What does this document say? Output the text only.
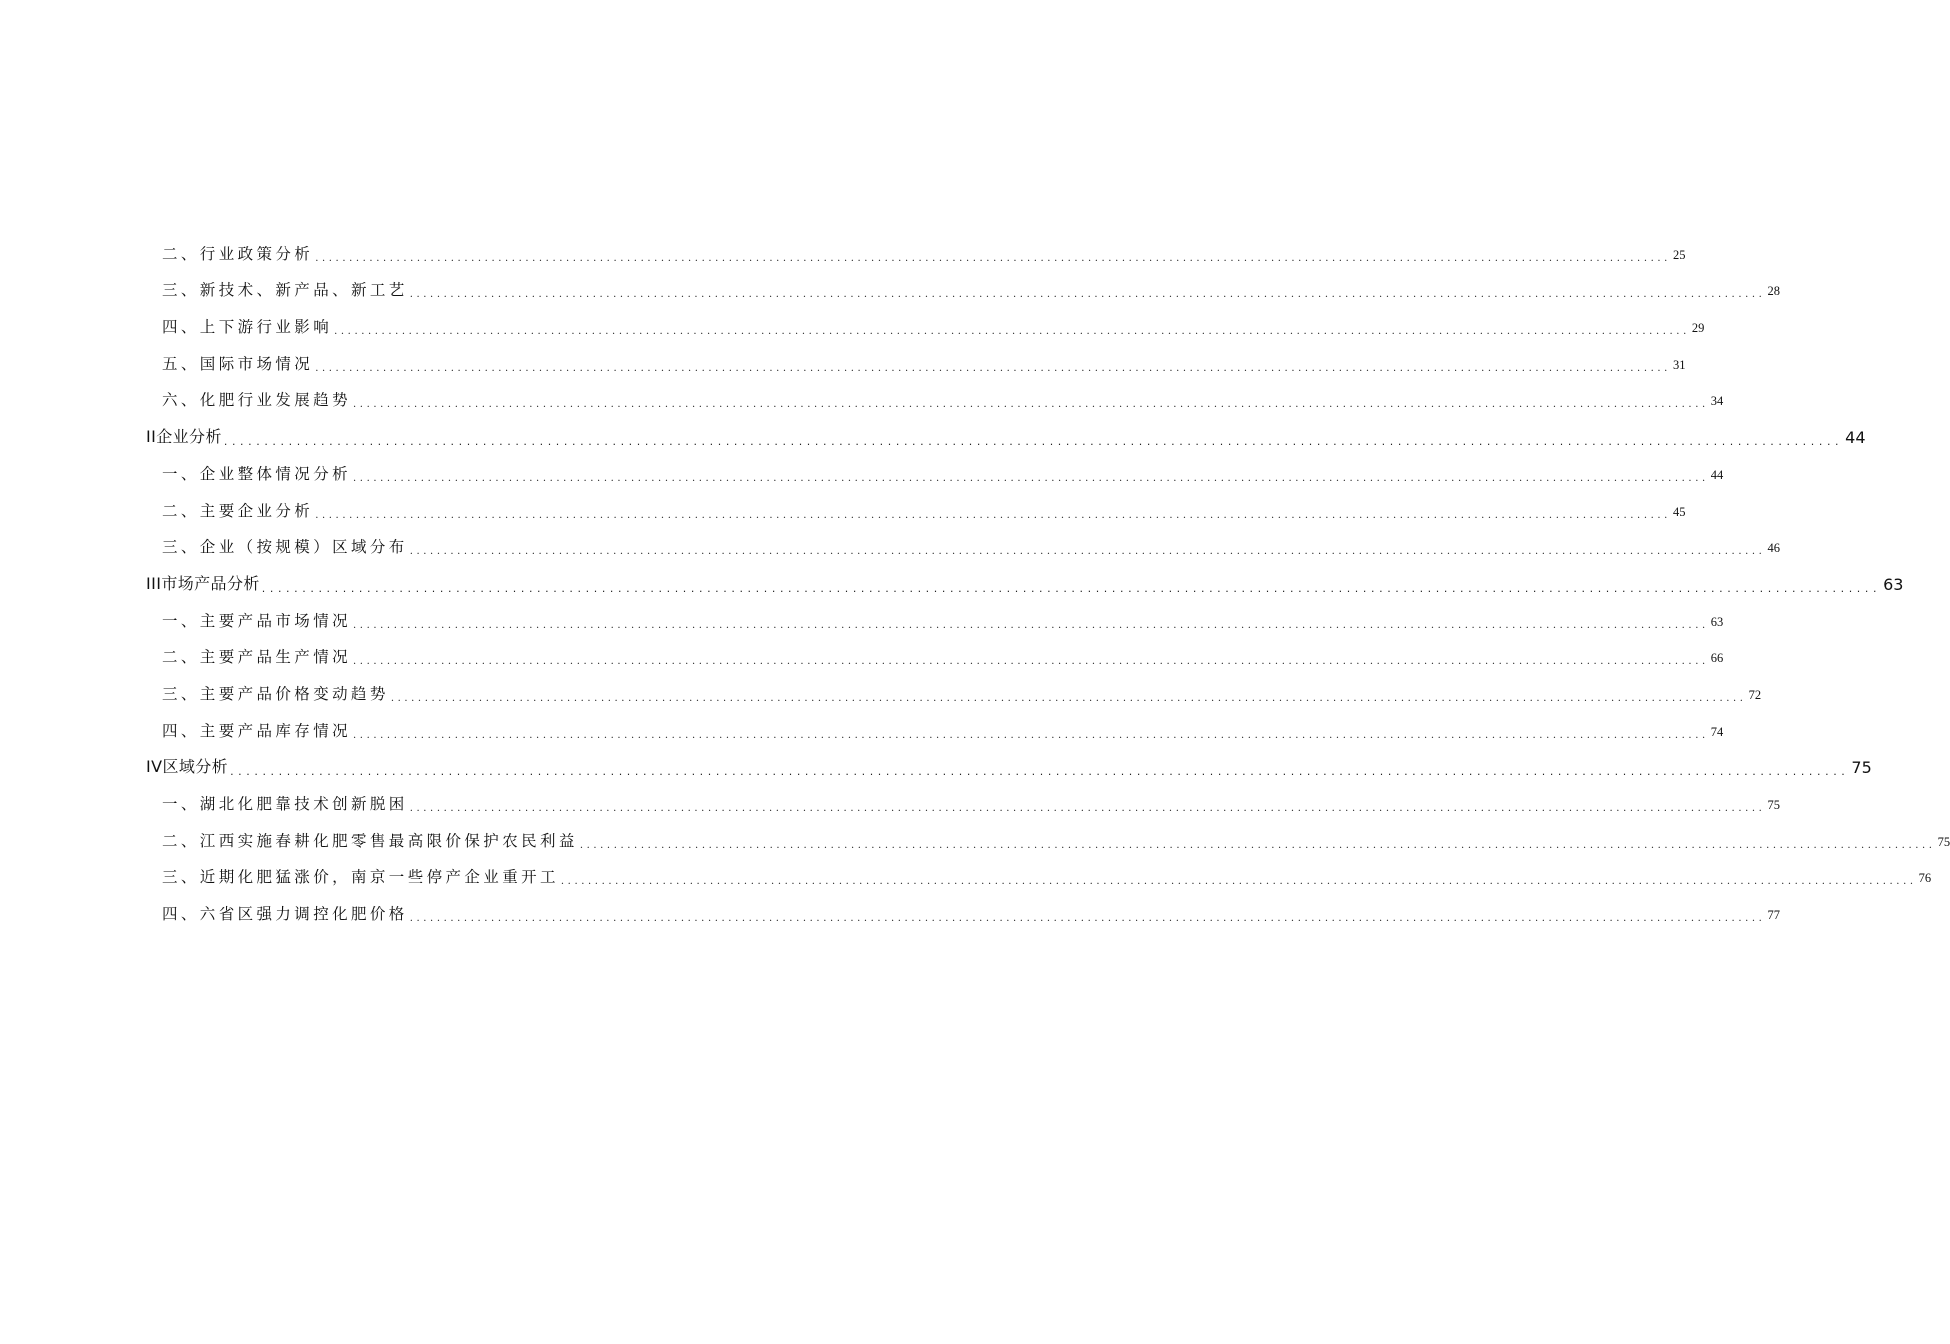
二、行业政策分析 ........................................................................................................................................................................................................ 25
三、新技术、新产品、新工艺 ........................................................................................................................................................................................................ 28
四、上下游行业影响 ........................................................................................................................................................................................................ 29
五、国际市场情况 ........................................................................................................................................................................................................ 31
六、化肥行业发展趋势 ........................................................................................................................................................................................................ 34
II企业分析 ........................................................................................................................................................................................................ 44
一、企业整体情况分析 ........................................................................................................................................................................................................ 44
二、主要企业分析 ........................................................................................................................................................................................................ 45
三、企业（按规模）区域分布 ........................................................................................................................................................................................................ 46
III市场产品分析 ........................................................................................................................................................................................................ 63
一、主要产品市场情况 ........................................................................................................................................................................................................ 63
二、主要产品生产情况 ........................................................................................................................................................................................................ 66
三、主要产品价格变动趋势 ........................................................................................................................................................................................................ 72
四、主要产品库存情况 ........................................................................................................................................................................................................ 74
IV区域分析 ........................................................................................................................................................................................................ 75
一、湖北化肥靠技术创新脱困 ........................................................................................................................................................................................................ 75
二、江西实施春耕化肥零售最高限价保护农民利益 ........................................................................................................................................................................................................ 75
三、近期化肥猛涨价，南京一些停产企业重开工 ........................................................................................................................................................................................................ 76
四、六省区强力调控化肥价格 ........................................................................................................................................................................................................ 77
